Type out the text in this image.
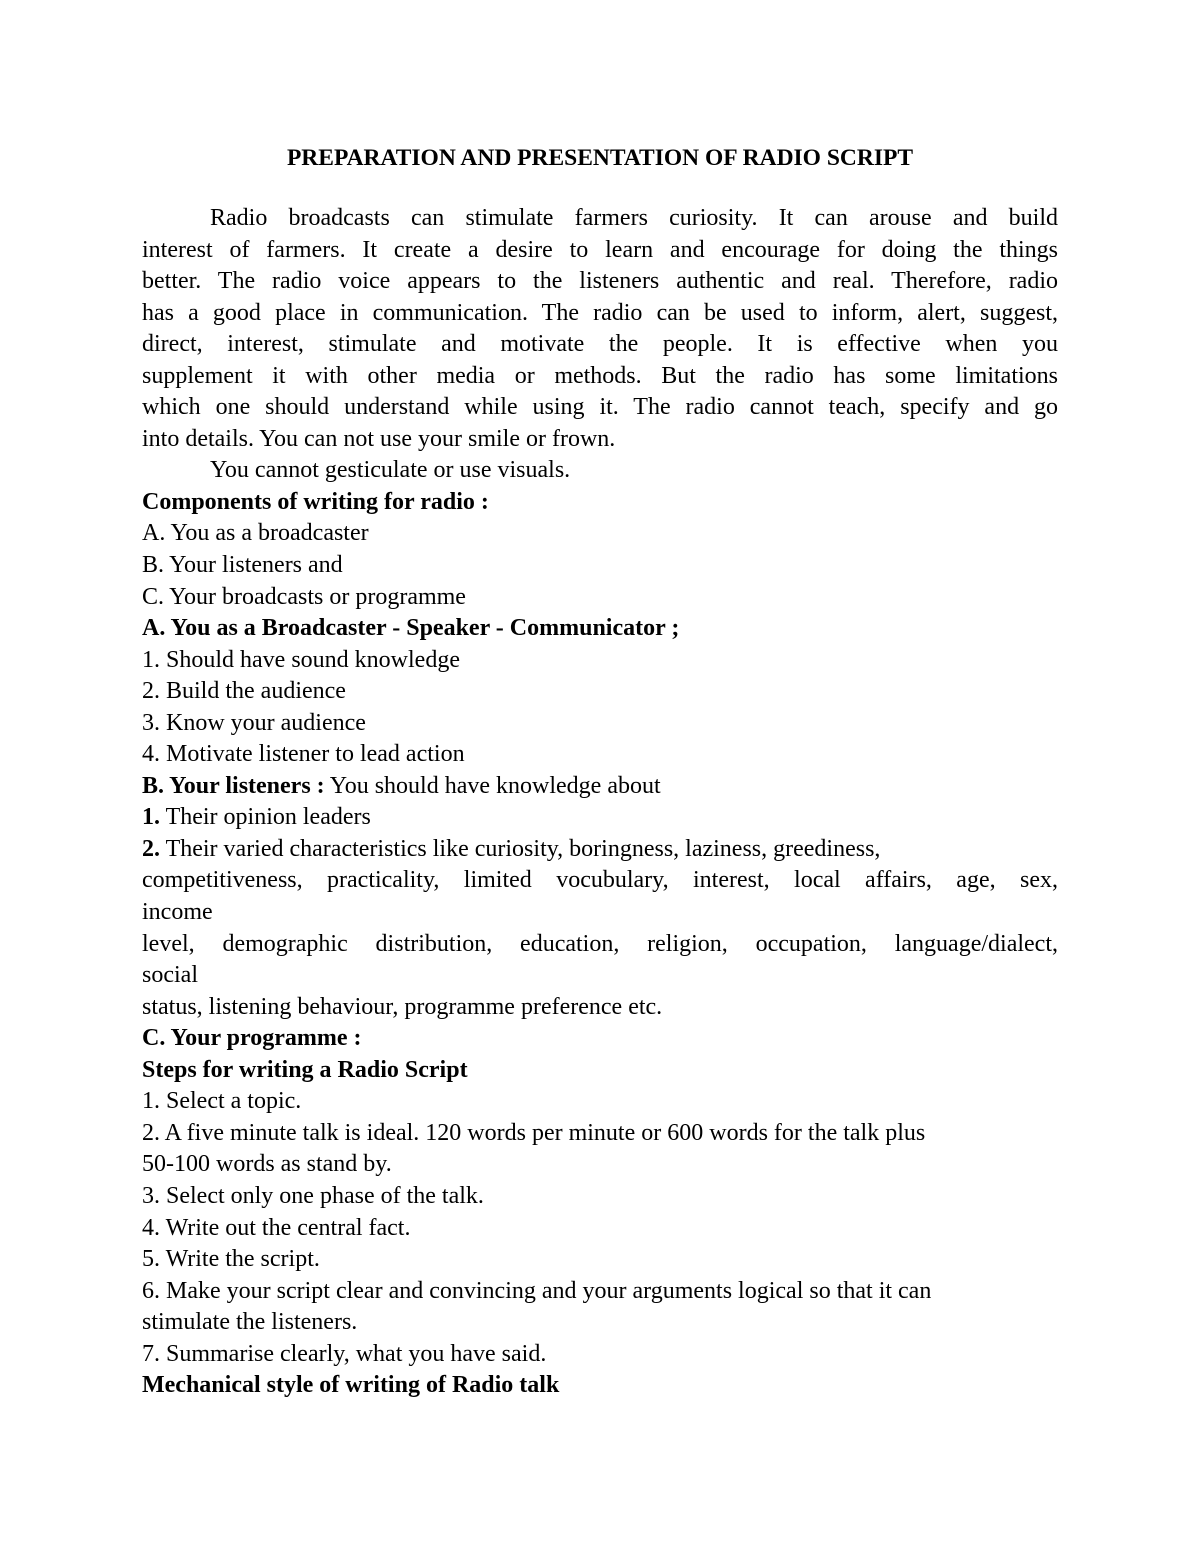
PREPARATION AND PRESENTATION OF RADIO SCRIPT
Radio broadcasts can stimulate farmers curiosity. It can arouse and build
interest of farmers. It create a desire to learn and encourage for doing the things
better. The radio voice appears to the listeners authentic and real. Therefore, radio
has a good place in communication. The radio can be used to inform, alert, suggest,
direct, interest, stimulate and motivate the people. It is effective when you
supplement it with other media or methods. But the radio has some limitations
which one should understand while using it. The radio cannot teach, specify and go
into details. You can not use your smile or frown.
You cannot gesticulate or use visuals.
Components of writing for radio :
A. You as a broadcaster
B. Your listeners and
C. Your broadcasts or programme
A. You as a Broadcaster - Speaker - Communicator ;
1. Should have sound knowledge
2. Build the audience
3. Know your audience
4. Motivate listener to lead action
B. Your listeners : You should have knowledge about
1. Their opinion leaders
2. Their varied characteristics like curiosity, boringness, laziness, greediness,
competitiveness, practicality, limited vocubulary, interest, local affairs, age, sex,
income
level, demographic distribution, education, religion, occupation, language/dialect,
social
status, listening behaviour, programme preference etc.
C. Your programme :
Steps for writing a Radio Script
1. Select a topic.
2. A five minute talk is ideal. 120 words per minute or 600 words for the talk plus
50-100 words as stand by.
3. Select only one phase of the talk.
4. Write out the central fact.
5. Write the script.
6. Make your script clear and convincing and your arguments logical so that it can
stimulate the listeners.
7. Summarise clearly, what you have said.
Mechanical style of writing of Radio talk
